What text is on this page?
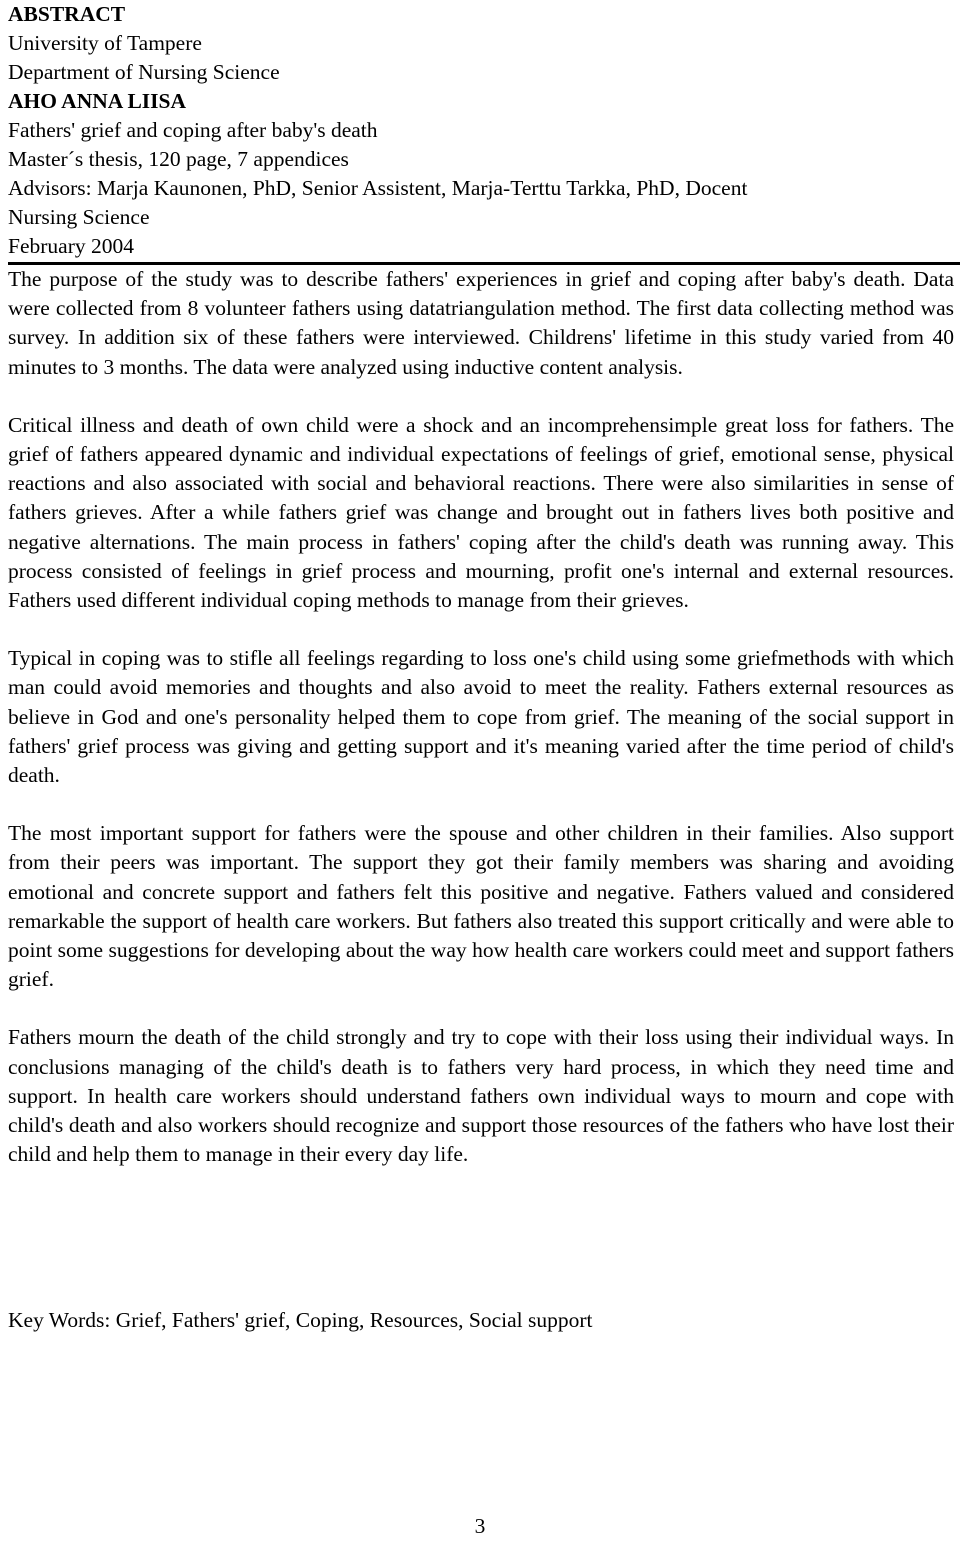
ABSTRACT
University of Tampere
Department of Nursing Science
AHO ANNA LIISA
Fathers' grief and coping after baby's death
Master´s thesis, 120 page, 7 appendices
Advisors: Marja Kaunonen, PhD, Senior Assistent, Marja-Terttu Tarkka, PhD, Docent
Nursing Science
February 2004

The purpose of the study was to describe fathers' experiences in grief and coping after baby's death. Data were collected from 8 volunteer fathers using datatriangulation method. The first data collecting method was survey. In addition six of these fathers were interviewed. Childrens' lifetime in this study varied from 40 minutes to 3 months. The data were analyzed using inductive content analysis.

Critical illness and death of own child were a shock and an incomprehensimple great loss for fathers. The grief of fathers appeared dynamic and individual expectations of feelings of grief, emotional sense, physical reactions and also associated with social and behavioral reactions. There were also similarities in sense of fathers grieves. After a while fathers grief was change and brought out in fathers lives both positive and negative alternations. The main process in fathers' coping after the child's death was running away. This process consisted of feelings in grief process and mourning, profit one's internal and external resources. Fathers used different individual coping methods to manage from their grieves.

Typical in coping was to stifle all feelings regarding to loss one's child using some griefmethods with which man could avoid memories and thoughts and also avoid to meet the reality. Fathers external resources as believe in God and one's personality helped them to cope from grief. The meaning of the social support in fathers' grief process was giving and getting support and it's meaning varied after the time period of child's death.

The most important support for fathers were the spouse and other children in their families. Also support from their peers was important. The support they got their family members was sharing and avoiding emotional and concrete support and fathers felt this positive and negative. Fathers valued and considered remarkable the support of health care workers. But fathers also treated this support critically and were able to point some suggestions for developing about the way how health care workers could meet and support fathers grief.

Fathers mourn the death of the child strongly and try to cope with their loss using their individual ways. In conclusions managing of the child's death is to fathers very hard process, in which they need time and support. In health care workers should understand fathers own individual ways to mourn and cope with child's death and also workers should recognize and support those resources of the fathers who have lost their child and help them to manage in their every day life.

Key Words: Grief, Fathers' grief, Coping, Resources, Social support
3
